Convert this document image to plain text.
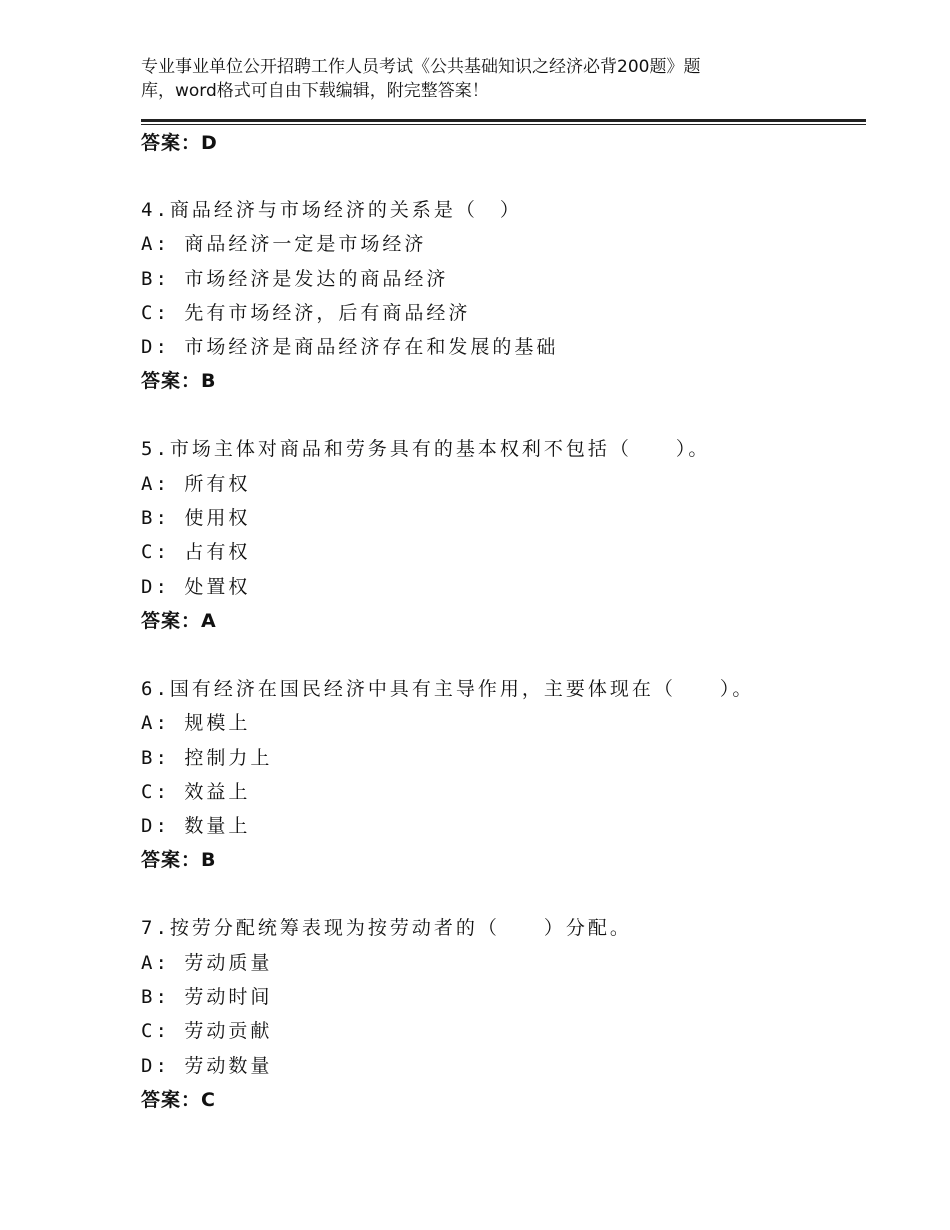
专业事业单位公开招聘工作人员考试《公共基础知识之经济必背200题》题
库，word格式可自由下载编辑，附完整答案！
答案：D
4.商品经济与市场经济的关系是（　）
A: 商品经济一定是市场经济
B: 市场经济是发达的商品经济
C: 先有市场经济，后有商品经济
D: 市场经济是商品经济存在和发展的基础
答案：B
5.市场主体对商品和劳务具有的基本权利不包括（　　）。
A: 所有权
B: 使用权
C: 占有权
D: 处置权
答案：A
6.国有经济在国民经济中具有主导作用，主要体现在（　　）。
A: 规模上
B: 控制力上
C: 效益上
D: 数量上
答案：B
7.按劳分配统筹表现为按劳动者的（　　）分配。
A: 劳动质量
B: 劳动时间
C: 劳动贡献
D: 劳动数量
答案：C
